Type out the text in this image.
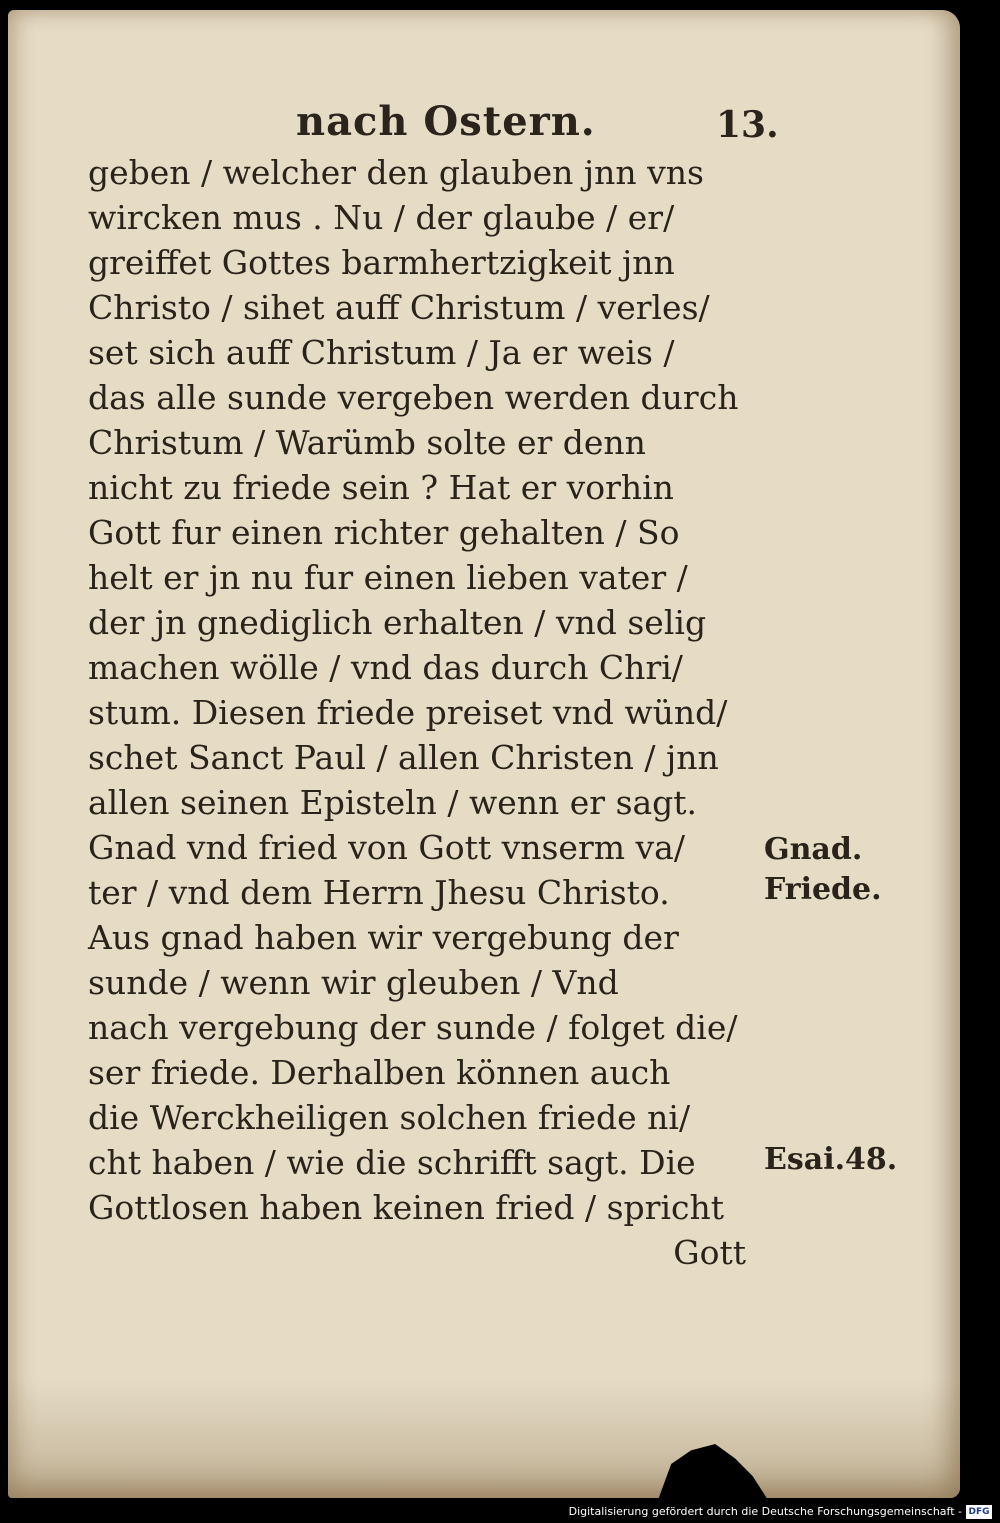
nach Ostern.	13.
geben / welcher den glauben jnn vns
wircken mus . Nu / der glaube / er/
greiffet Gottes barmhertzigkeit jnn
Christo / sihet auff Christum / verles/
set sich auff Christum / Ja er weis /
das alle sunde vergeben werden durch
Christum / Warümb solte er denn
nicht zu friede sein ? Hat er vorhin
Gott fur einen richter gehalten / So
helt er jn nu fur einen lieben vater /
der jn gnediglich erhalten / vnd selig
machen wölle / vnd das durch Chri/
stum. Diesen friede preiset vnd wünd/
schet Sanct Paul / allen Christen / jnn
allen seinen Episteln / wenn er sagt.
Gnad vnd fried von Gott vnserm va/
ter / vnd dem Herrn Jhesu Christo.
Aus gnad haben wir vergebung der
sunde / wenn wir gleuben / Vnd
nach vergebung der sunde / folget die/
ser friede. Derhalben können auch
die Werckheiligen solchen friede ni/
cht haben / wie die schrifft sagt. Die
Gottlosen haben keinen fried / spricht
Gott
Gnad.
Friede.
Esai.48.
Digitalisierung gefördert durch die Deutsche Forschungsgemeinschaft - DFG
